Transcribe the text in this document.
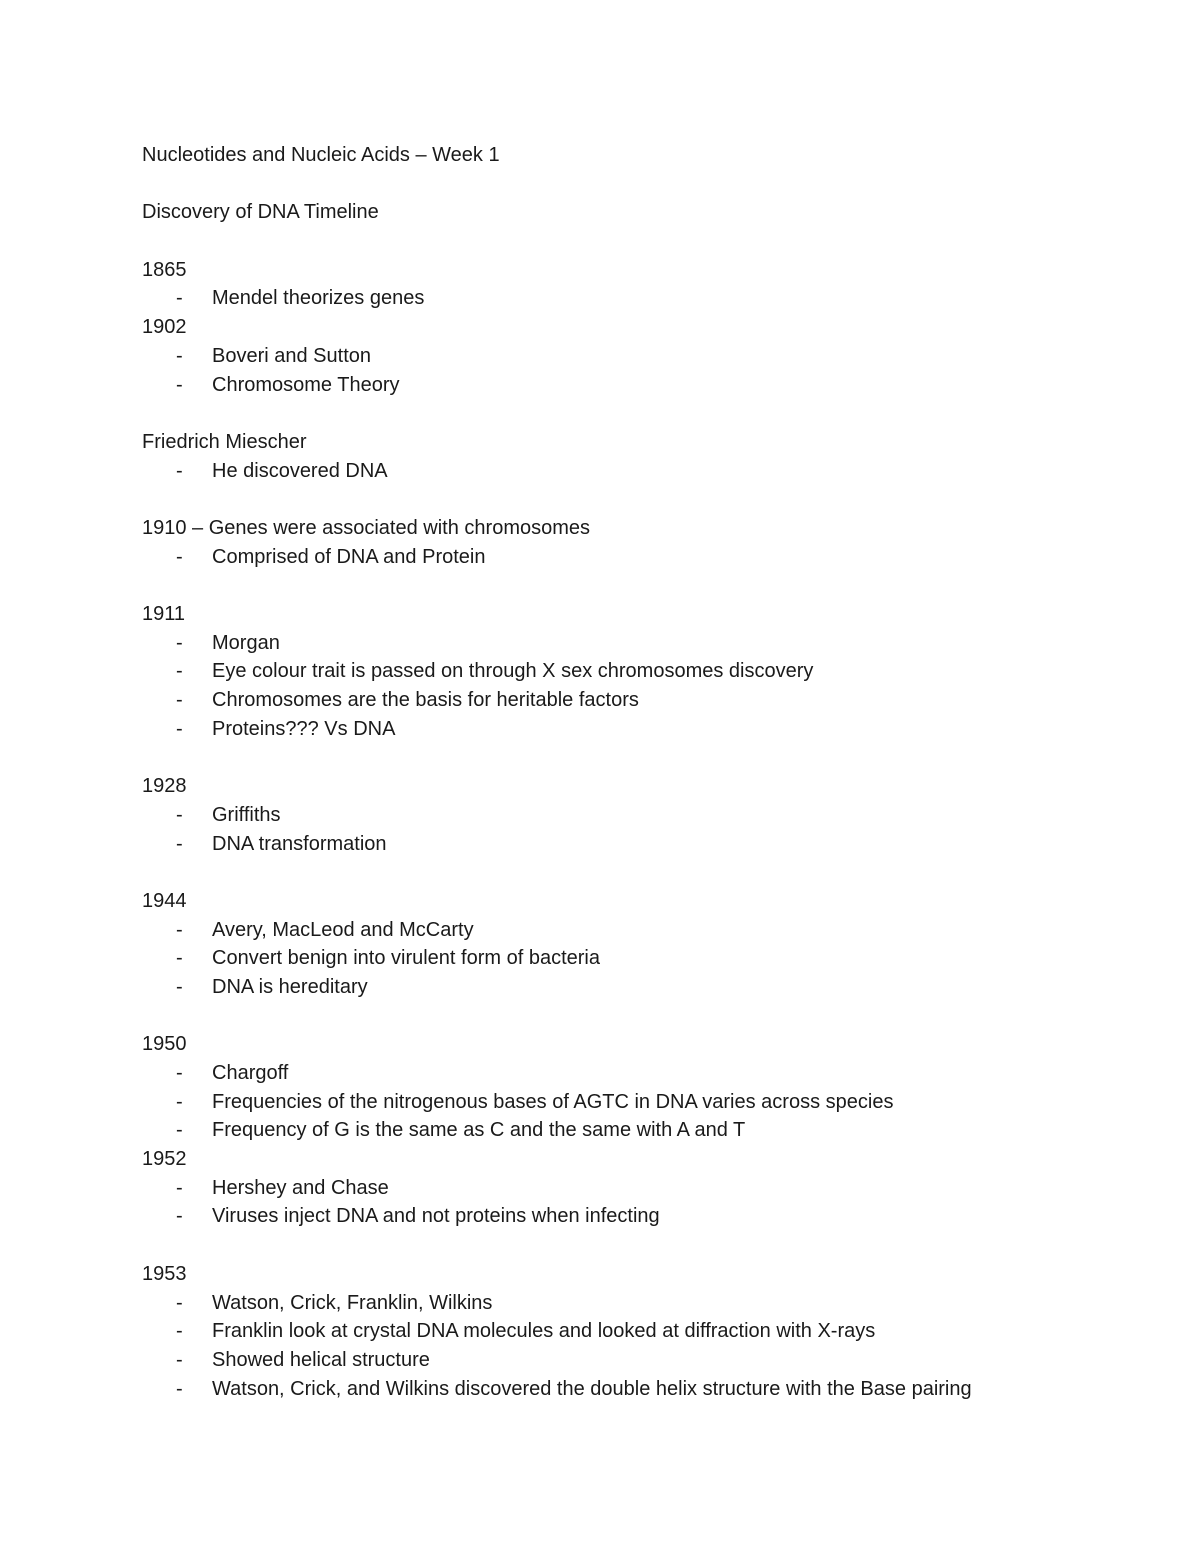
Nucleotides and Nucleic Acids – Week 1
Discovery of DNA Timeline
1865
- Mendel theorizes genes
1902
- Boveri and Sutton
- Chromosome Theory
Friedrich Miescher
- He discovered DNA
1910 – Genes were associated with chromosomes
- Comprised of DNA and Protein
1911
- Morgan
- Eye colour trait is passed on through X sex chromosomes discovery
- Chromosomes are the basis for heritable factors
- Proteins??? Vs DNA
1928
- Griffiths
- DNA transformation
1944
- Avery, MacLeod and McCarty
- Convert benign into virulent form of bacteria
- DNA is hereditary
1950
- Chargoff
- Frequencies of the nitrogenous bases of AGTC in DNA varies across species
- Frequency of G is the same as C and the same with A and T
1952
- Hershey and Chase
- Viruses inject DNA and not proteins when infecting
1953
- Watson, Crick, Franklin, Wilkins
- Franklin look at crystal DNA molecules and looked at diffraction with X-rays
- Showed helical structure
- Watson, Crick, and Wilkins discovered the double helix structure with the Base pairing
